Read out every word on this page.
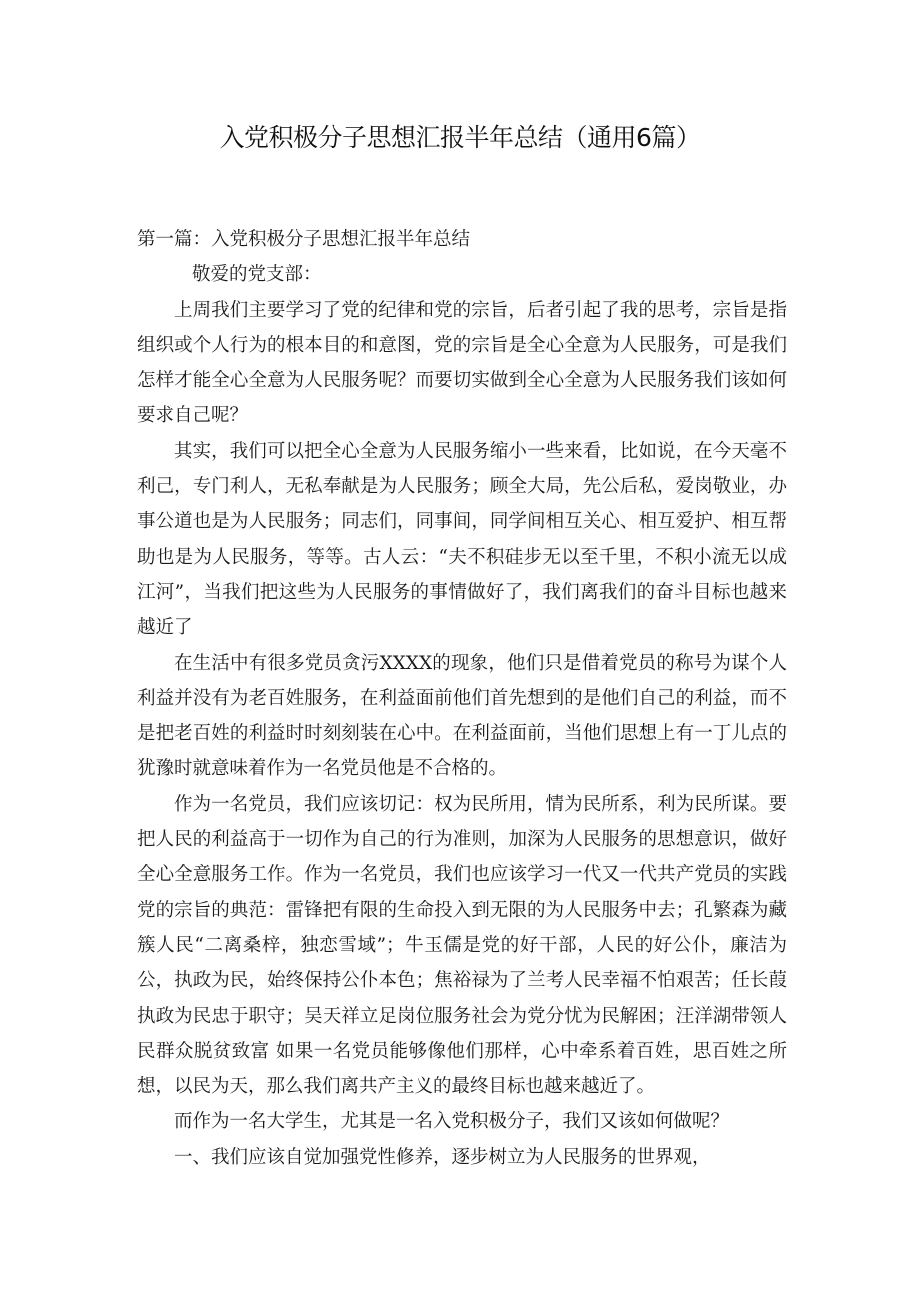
入党积极分子思想汇报半年总结（通用6篇）

第一篇：入党积极分子思想汇报半年总结

敬爱的党支部：

上周我们主要学习了党的纪律和党的宗旨，后者引起了我的思考，宗旨是指组织或个人行为的根本目的和意图，党的宗旨是全心全意为人民服务，可是我们怎样才能全心全意为人民服务呢？而要切实做到全心全意为人民服务我们该如何要求自己呢？

其实，我们可以把全心全意为人民服务缩小一些来看，比如说，在今天毫不利己，专门利人，无私奉献是为人民服务；顾全大局，先公后私，爱岗敬业，办事公道也是为人民服务；同志们，同事间，同学间相互关心、相互爱护、相互帮助也是为人民服务，等等。古人云：“夫不积硅步无以至千里，不积小流无以成江河”，当我们把这些为人民服务的事情做好了，我们离我们的奋斗目标也越来越近了

在生活中有很多党员贪污XXXX的现象，他们只是借着党员的称号为谋个人利益并没有为老百姓服务，在利益面前他们首先想到的是他们自己的利益，而不是把老百姓的利益时时刻刻装在心中。在利益面前，当他们思想上有一丁儿点的犹豫时就意味着作为一名党员他是不合格的。

作为一名党员，我们应该切记：权为民所用，情为民所系，利为民所谋。要把人民的利益高于一切作为自己的行为准则，加深为人民服务的思想意识，做好全心全意服务工作。作为一名党员，我们也应该学习一代又一代共产党员的实践党的宗旨的典范：雷锋把有限的生命投入到无限的为人民服务中去；孔繁森为藏簇人民“二离桑梓，独恋雪域”；牛玉儒是党的好干部，人民的好公仆，廉洁为公，执政为民，始终保持公仆本色；焦裕禄为了兰考人民幸福不怕艰苦；任长葭执政为民忠于职守；吴天祥立足岗位服务社会为党分忧为民解困；汪洋湖带领人民群众脱贫致富 如果一名党员能够像他们那样，心中牵系着百姓，思百姓之所想，以民为天，那么我们离共产主义的最终目标也越来越近了。

而作为一名大学生，尤其是一名入党积极分子，我们又该如何做呢？

一、我们应该自觉加强党性修养，逐步树立为人民服务的世界观，
